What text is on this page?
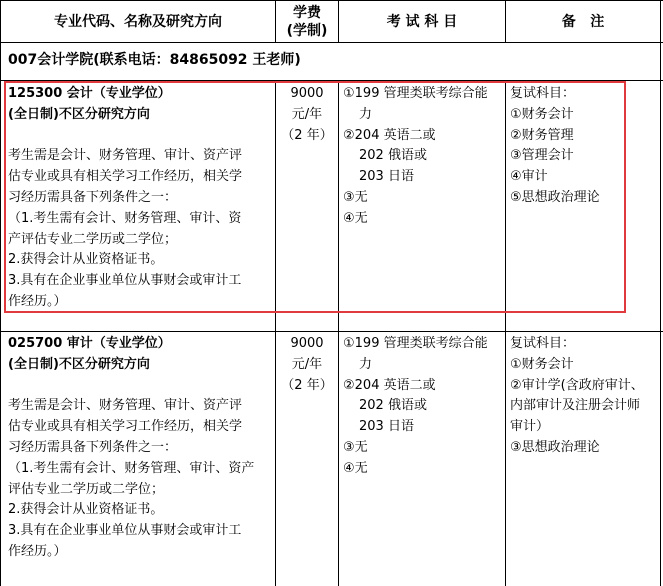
专业代码、名称及研究方向
学费
(学制)
考 试 科 目	备   注
007会计学院(联系电话：84865092 王老师)
125300 会计（专业学位）
(全日制)不区分研究方向

考生需是会计、财务管理、审计、资产评
估专业或具有相关学习工作经历，相关学
习经历需具备下列条件之一：
（1.考生需有会计、财务管理、审计、资
产评估专业二学历或二学位；
2.获得会计从业资格证书。
3.具有在企业事业单位从事财会或审计工
作经历。）
9000
元/年
（2 年）
①199 管理类联考综合能
力
②204 英语二或
202 俄语或
203 日语
③无
④无
复试科目：
①财务会计
②财务管理
③管理会计
④审计
⑤思想政治理论
025700 审计（专业学位）
(全日制)不区分研究方向

考生需是会计、财务管理、审计、资产评
估专业或具有相关学习工作经历，相关学
习经历需具备下列条件之一：
（1.考生需有会计、财务管理、审计、资产
评估专业二学历或二学位；
2.获得会计从业资格证书。
3.具有在企业事业单位从事财会或审计工
作经历。）
9000
元/年
（2 年）
①199 管理类联考综合能
力
②204 英语二或
202 俄语或
203 日语
③无
④无
复试科目：
①财务会计
②审计学(含政府审计、
内部审计及注册会计师
审计）
③思想政治理论
